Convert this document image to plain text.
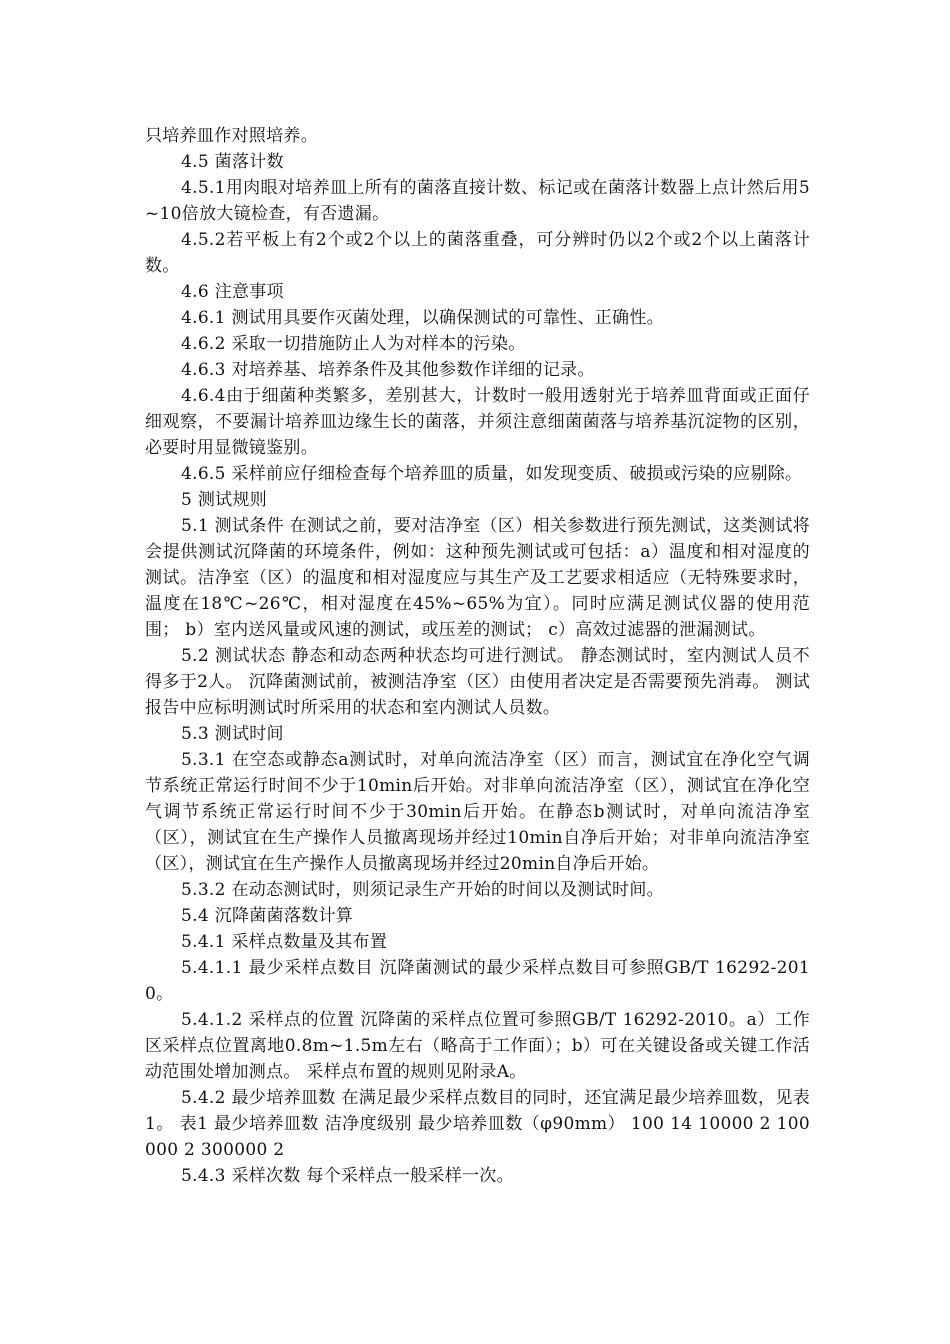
只培养皿作对照培养。

4.5 菌落计数

4.5.1用肉眼对培养皿上所有的菌落直接计数、标记或在菌落计数器上点计然后用5~10倍放大镜检查，有否遗漏。

4.5.2若平板上有2个或2个以上的菌落重叠，可分辨时仍以2个或2个以上菌落计数。

4.6 注意事项

4.6.1 测试用具要作灭菌处理，以确保测试的可靠性、正确性。

4.6.2 采取一切措施防止人为对样本的污染。

4.6.3 对培养基、培养条件及其他参数作详细的记录。

4.6.4由于细菌种类繁多，差别甚大，计数时一般用透射光于培养皿背面或正面仔细观察，不要漏计培养皿边缘生长的菌落，并须注意细菌菌落与培养基沉淀物的区别，必要时用显微镜鉴别。

4.6.5 采样前应仔细检查每个培养皿的质量，如发现变质、破损或污染的应剔除。

5 测试规则

5.1 测试条件 在测试之前，要对洁净室（区）相关参数进行预先测试，这类测试将会提供测试沉降菌的环境条件，例如：这种预先测试或可包括：a）温度和相对湿度的测试。洁净室（区）的温度和相对湿度应与其生产及工艺要求相适应（无特殊要求时，温度在18℃~26℃，相对湿度在45%~65%为宜）。同时应满足测试仪器的使用范围； b）室内送风量或风速的测试，或压差的测试； c）高效过滤器的泄漏测试。

5.2 测试状态 静态和动态两种状态均可进行测试。 静态测试时，室内测试人员不得多于2人。 沉降菌测试前，被测洁净室（区）由使用者决定是否需要预先消毒。 测试报告中应标明测试时所采用的状态和室内测试人员数。

5.3 测试时间

5.3.1 在空态或静态a测试时，对单向流洁净室（区）而言，测试宜在净化空气调节系统正常运行时间不少于10min后开始。对非单向流洁净室（区），测试宜在净化空气调节系统正常运行时间不少于30min后开始。在静态b测试时，对单向流洁净室（区），测试宜在生产操作人员撤离现场并经过10min自净后开始；对非单向流洁净室（区），测试宜在生产操作人员撤离现场并经过20min自净后开始。

5.3.2 在动态测试时，则须记录生产开始的时间以及测试时间。

5.4 沉降菌菌落数计算

5.4.1 采样点数量及其布置

5.4.1.1 最少采样点数目 沉降菌测试的最少采样点数目可参照GB/T 16292-2010。

5.4.1.2 采样点的位置 沉降菌的采样点位置可参照GB/T 16292-2010。a）工作区采样点位置离地0.8m~1.5m左右（略高于工作面）；b）可在关键设备或关键工作活动范围处增加测点。 采样点布置的规则见附录A。

5.4.2 最少培养皿数 在满足最少采样点数目的同时，还宜满足最少培养皿数，见表1。 表1 最少培养皿数 洁净度级别 最少培养皿数（φ90mm） 100 14 10000 2 100000 2 300000 2

5.4.3 采样次数 每个采样点一般采样一次。
